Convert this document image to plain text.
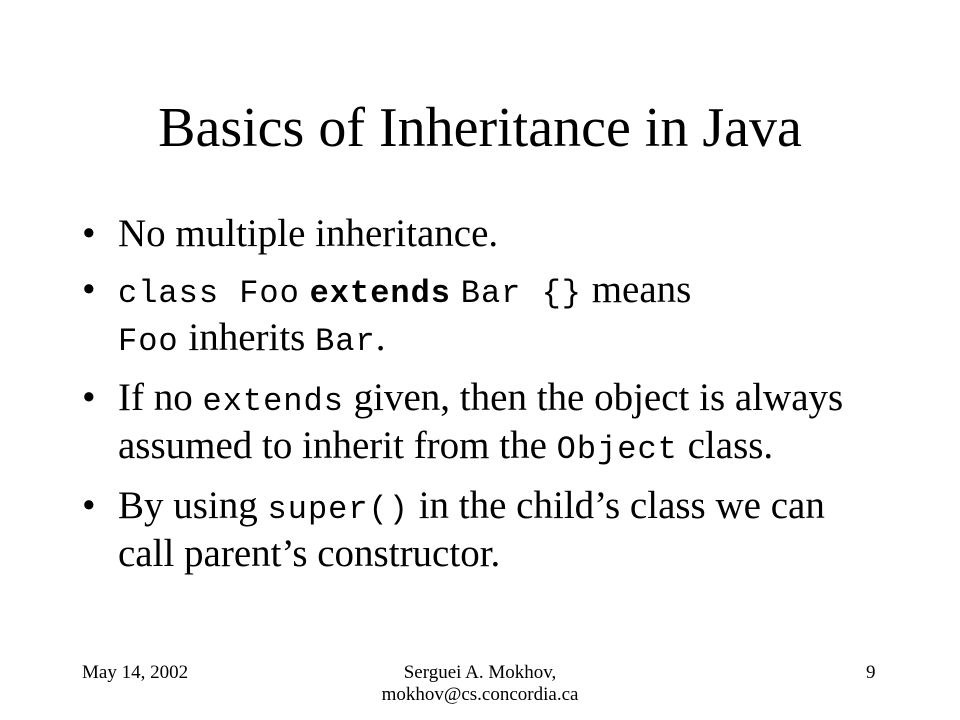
Basics of Inheritance in Java
• No multiple inheritance.
• class Foo extends Bar {} means
Foo inherits Bar.
• If no extends given, then the object is always assumed to inherit from the Object class.
• By using super() in the child’s class we can call parent’s constructor.
May 14, 2002	Serguei A. Mokhov,
mokhov@cs.concordia.ca
9
